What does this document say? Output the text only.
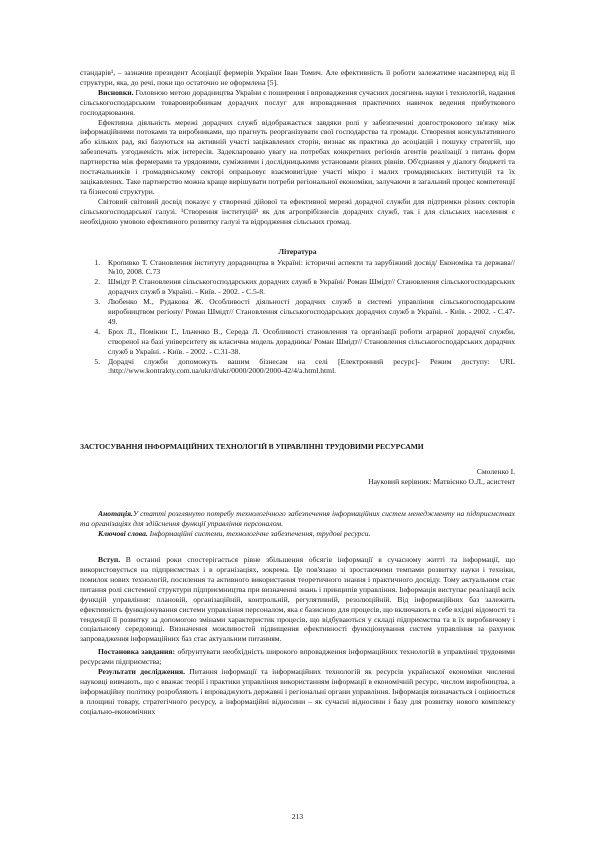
стандарів¹, – зазначив президент Асоціації фермерів України Іван Томич. Але ефективність її роботи залежатиме насамперед від її структури, яка, до речі, поки що остаточно не оформлена [5].

Висновки. Головною метою дорадництва України є поширення і впровадження сучасних досягнень науки і технологій, надання сільськогосподарським товаровиробникам дорадчих послуг для впровадження практичних навичок ведення прибуткового господарювання.

Ефективна діяльність мережі дорадчих служб відображається завдяки ролі у забезпеченні довгострокового зв'язку між інформаційними потоками та виробниками, що прагнуть реорганізувати свої господарства та громади. Створення консультативного або кількох рад, які базуються на активній участі зацікавлених сторін, визнає як практика до асоціацій і пошуку стратегій, що забезпечать узгодженість між інтересів. Задекларовано увагу на потребах конкретних регіонів агентів реалізації з питань форм партнерства між фермерами та урядовими, суміжними і дослідницькими установами різних рівнів. Об'єднання у діалогу бюджеті та постачальників і громадянському секторі опрацьовує взаємовигідне участі мікро і малих громадянських інституцій та їх зацікавлених. Таке партнерство можна краще вирішувати потреби регіональної економіки, залучаючи в загальний процес компетенції та бізнесові структури.

Світовий світовий досвід показує у створенні дійової та ефективної мережі дорадчої служби для підтримки різних секторів сільськогосподарської галузі. ¹Створення інституцій¹ як для агропрібізнесів дорадчих служб, так і для сільських населення є необхідною умовою ефективного розвитку галузі та відродження сільських громад.

Література
1. Кропивко Т. Становлення інституту дорадництва в Україні: історичні аспекти та зарубіжний досвід/ Економіка та держава// №10, 2008. С.73
2. Шмідт Р. Становлення сільськогосподарських дорадчих служб в Україні/ Роман Шмідт// Становлення сільськогосподарських дорадчих служб в Україні. - Київ. - 2002. - С.5-8.
3. Любенко М., Рудакова Ж. Особливості діяльності дорадчих служб в системі управління сільськогосподарським виробництвом регіону/ Роман Шмідт// Становлення сільськогосподарських дорадчих служб в Україні. - Київ. - 2002. - С.47-49.
4. Брох Л., Помікин Г., Ільченко В., Середа Л. Особливості становлення та організації роботи аграрної дорадчої служби, створеної на базі університету як класична модель дорадника/ Роман Шмідт// Становлення сільськогосподарських дорадчих служб в Україні. - Київ. - 2002. - С.31-38.
5. Дорадчі служби допоможуть вашим бізнесам на селі [Електронний ресурс]- Режим доступу: URL :http://www.kontrakty.com.ua/ukr/d/ukr/0000/2000/2000-42/4/a.html.html.
ЗАСТОСУВАННЯ ІНФОРМАЦІЙНИХ ТЕХНОЛОГІЙ В УПРАВЛІННІ ТРУДОВИМИ РЕСУРСАМИ
Смоленко І.
Науковий керівник: Матвієнко О.Л., асистент

Анотація.У статті розглянуто потребу технологічного забезпечення інформаційних систем менеджменту на підприємствах та організаціях для здійснення функції управління персоналом.

Ключові слова. Інформаційні системи, технологічне забезпечення, трудові ресурси.

Вступ. В останні роки спостерігається рівне збільшення обсягів інформації в сучасному житті та інформації, що використовується на підприємствах і в організаціях, зокрема. Це пов'язано зі зростаючими темпами розвитку науки і техніки, помилок нових технологій, посилення та активного використання теоретичного знання і практичного досвіду. Тому актуальним стає питання ролі системної структури підприємництва при визначенні знань і принципів управління. Інформація виступає реалізації всіх функцій управління: плановій, організаційній, контрольній, регулятивній, резолюційній. Від інформаційних баз залежить ефективність функціонування системи управління персоналом, яка є базисною для процесів, що включають в себе вхідні відомості та тенденції її розвитку за допомогою змінами характеристик процесів, що відбуваються у складі підприємства та в їх виробничому і соціальному середовищі. Визначення можливостей підвищення ефективності функціонування систем управління за рахунок запровадження інформаційних баз стає актуальним питанням.

Постановка завдання: обґрунтувати необхідність широкого впровадження інформаційних технологій в управлінні трудовими ресурсами підприємства;

Результати дослідження. Питання інформації та інформаційних технологій як ресурсів української економіки численні науковці вивчають, що є вважає теорії і практики управління використанням інформації в економічній ресурс, числом виробництва, а інформаційну політику розробляють і впроваджують державні і регіональні органи управління. Інформація визначається і оцінюється в площині товару, стратегічного ресурсу, а інформаційні відносини – як сучасні відносини і базу для розвитку нового комплексу соціально-економічних

213
